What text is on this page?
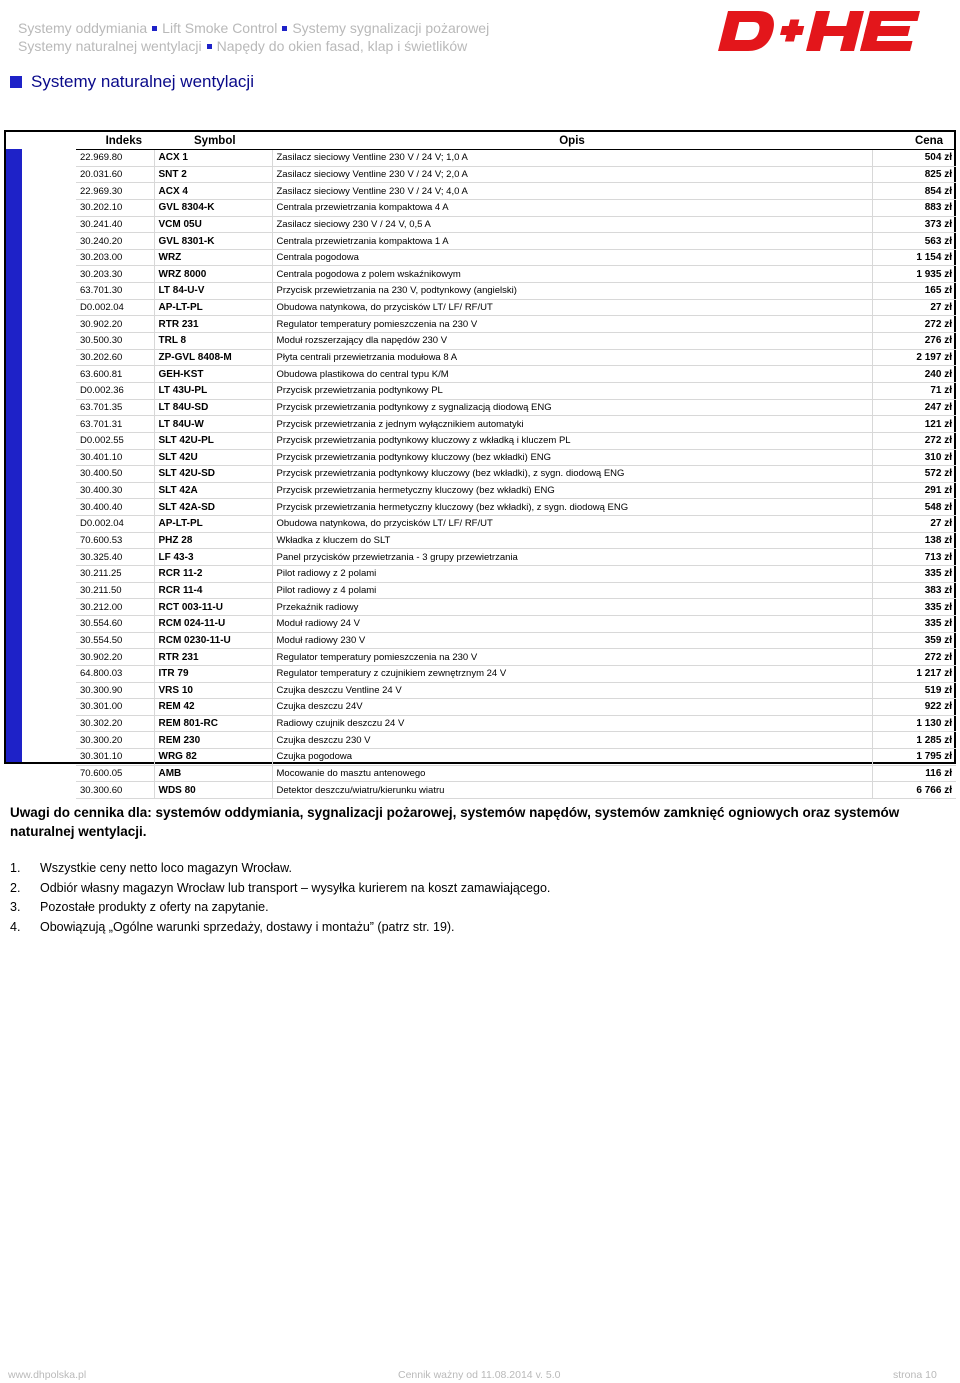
Systemy oddymiania Lift Smoke Control Systemy sygnalizacji pożarowej
Systemy naturalnej wentylacji Napędy do okien fasad, klap i świetlików
Systemy naturalnej wentylacji
Indeks	Symbol	Opis	Cena
22.969.80	ACX 1	Zasilacz sieciowy Ventline 230 V / 24 V; 1,0 A	504 zł
20.031.60	SNT 2	Zasilacz sieciowy Ventline 230 V / 24 V; 2,0 A	825 zł
22.969.30	ACX 4	Zasilacz sieciowy Ventline 230 V / 24 V; 4,0 A	854 zł
30.202.10	GVL 8304-K	Centrala przewietrzania kompaktowa 4 A	883 zł
30.241.40	VCM 05U	Zasilacz sieciowy 230 V / 24 V, 0,5 A	373 zł
30.240.20	GVL 8301-K	Centrala przewietrzania kompaktowa 1 A	563 zł
30.203.00	WRZ	Centrala pogodowa	1 154 zł
30.203.30	WRZ 8000	Centrala pogodowa z polem wskaźnikowym	1 935 zł
63.701.30	LT 84-U-V	Przycisk przewietrzania na 230 V, podtynkowy (angielski)	165 zł
D0.002.04	AP-LT-PL	Obudowa natynkowa, do przycisków LT/ LF/ RF/UT	27 zł
30.902.20	RTR 231	Regulator temperatury pomieszczenia na 230 V	272 zł
30.500.30	TRL 8	Moduł rozszerzający dla napędów 230 V	276 zł
30.202.60	ZP-GVL 8408-M	Płyta centrali przewietrzania modułowa 8 A	2 197 zł
63.600.81	GEH-KST	Obudowa plastikowa do central typu K/M	240 zł
D0.002.36	LT 43U-PL	Przycisk przewietrzania podtynkowy PL	71 zł
63.701.35	LT 84U-SD	Przycisk przewietrzania podtynkowy z sygnalizacją diodową ENG	247 zł
63.701.31	LT 84U-W	Przycisk przewietrzania z jednym wyłącznikiem automatyki	121 zł
D0.002.55	SLT 42U-PL	Przycisk przewietrzania podtynkowy kluczowy z wkładką i kluczem PL	272 zł
30.401.10	SLT 42U	Przycisk przewietrzania podtynkowy kluczowy (bez wkładki) ENG	310 zł
30.400.50	SLT 42U-SD	Przycisk przewietrzania podtynkowy kluczowy (bez wkładki), z sygn. diodową ENG	572 zł
30.400.30	SLT 42A	Przycisk przewietrzania hermetyczny kluczowy (bez wkładki) ENG	291 zł
30.400.40	SLT 42A-SD	Przycisk przewietrzania hermetyczny kluczowy (bez wkładki), z sygn. diodową ENG	548 zł
D0.002.04	AP-LT-PL	Obudowa natynkowa, do przycisków LT/ LF/ RF/UT	27 zł
70.600.53	PHZ 28	Wkładka z kluczem do SLT	138 zł
30.325.40	LF 43-3	Panel przycisków przewietrzania - 3 grupy przewietrzania	713 zł
30.211.25	RCR 11-2	Pilot radiowy z 2 polami	335 zł
30.211.50	RCR 11-4	Pilot radiowy z 4 polami	383 zł
30.212.00	RCT 003-11-U	Przekaźnik radiowy	335 zł
30.554.60	RCM 024-11-U	Moduł radiowy 24 V	335 zł
30.554.50	RCM 0230-11-U	Moduł radiowy 230 V	359 zł
30.902.20	RTR 231	Regulator temperatury pomieszczenia na 230 V	272 zł
64.800.03	ITR 79	Regulator temperatury z czujnikiem zewnętrznym 24 V	1 217 zł
30.300.90	VRS 10	Czujka deszczu Ventline 24 V	519 zł
30.301.00	REM 42	Czujka deszczu 24V	922 zł
30.302.20	REM 801-RC	Radiowy czujnik deszczu 24 V	1 130 zł
30.300.20	REM 230	Czujka deszczu 230 V	1 285 zł
30.301.10	WRG 82	Czujka pogodowa	1 795 zł
70.600.05	AMB	Mocowanie do masztu antenowego	116 zł
30.300.60	WDS 80	Detektor deszczu/wiatru/kierunku wiatru	6 766 zł

Uwagi do cennika dla: systemów oddymiania, sygnalizacji pożarowej, systemów napędów, systemów zamknięć ogniowych oraz systemów naturalnej wentylacji.

1. Wszystkie ceny netto loco magazyn Wrocław.
2. Odbiór własny magazyn Wrocław lub transport – wysyłka kurierem na koszt zamawiającego.
3. Pozostałe produkty z oferty na zapytanie.
4. Obowiązują „Ogólne warunki sprzedaży, dostawy i montażu” (patrz str. 19).
www.dhpolska.pl	Cennik ważny od 11.08.2014 v. 5.0	strona 10
